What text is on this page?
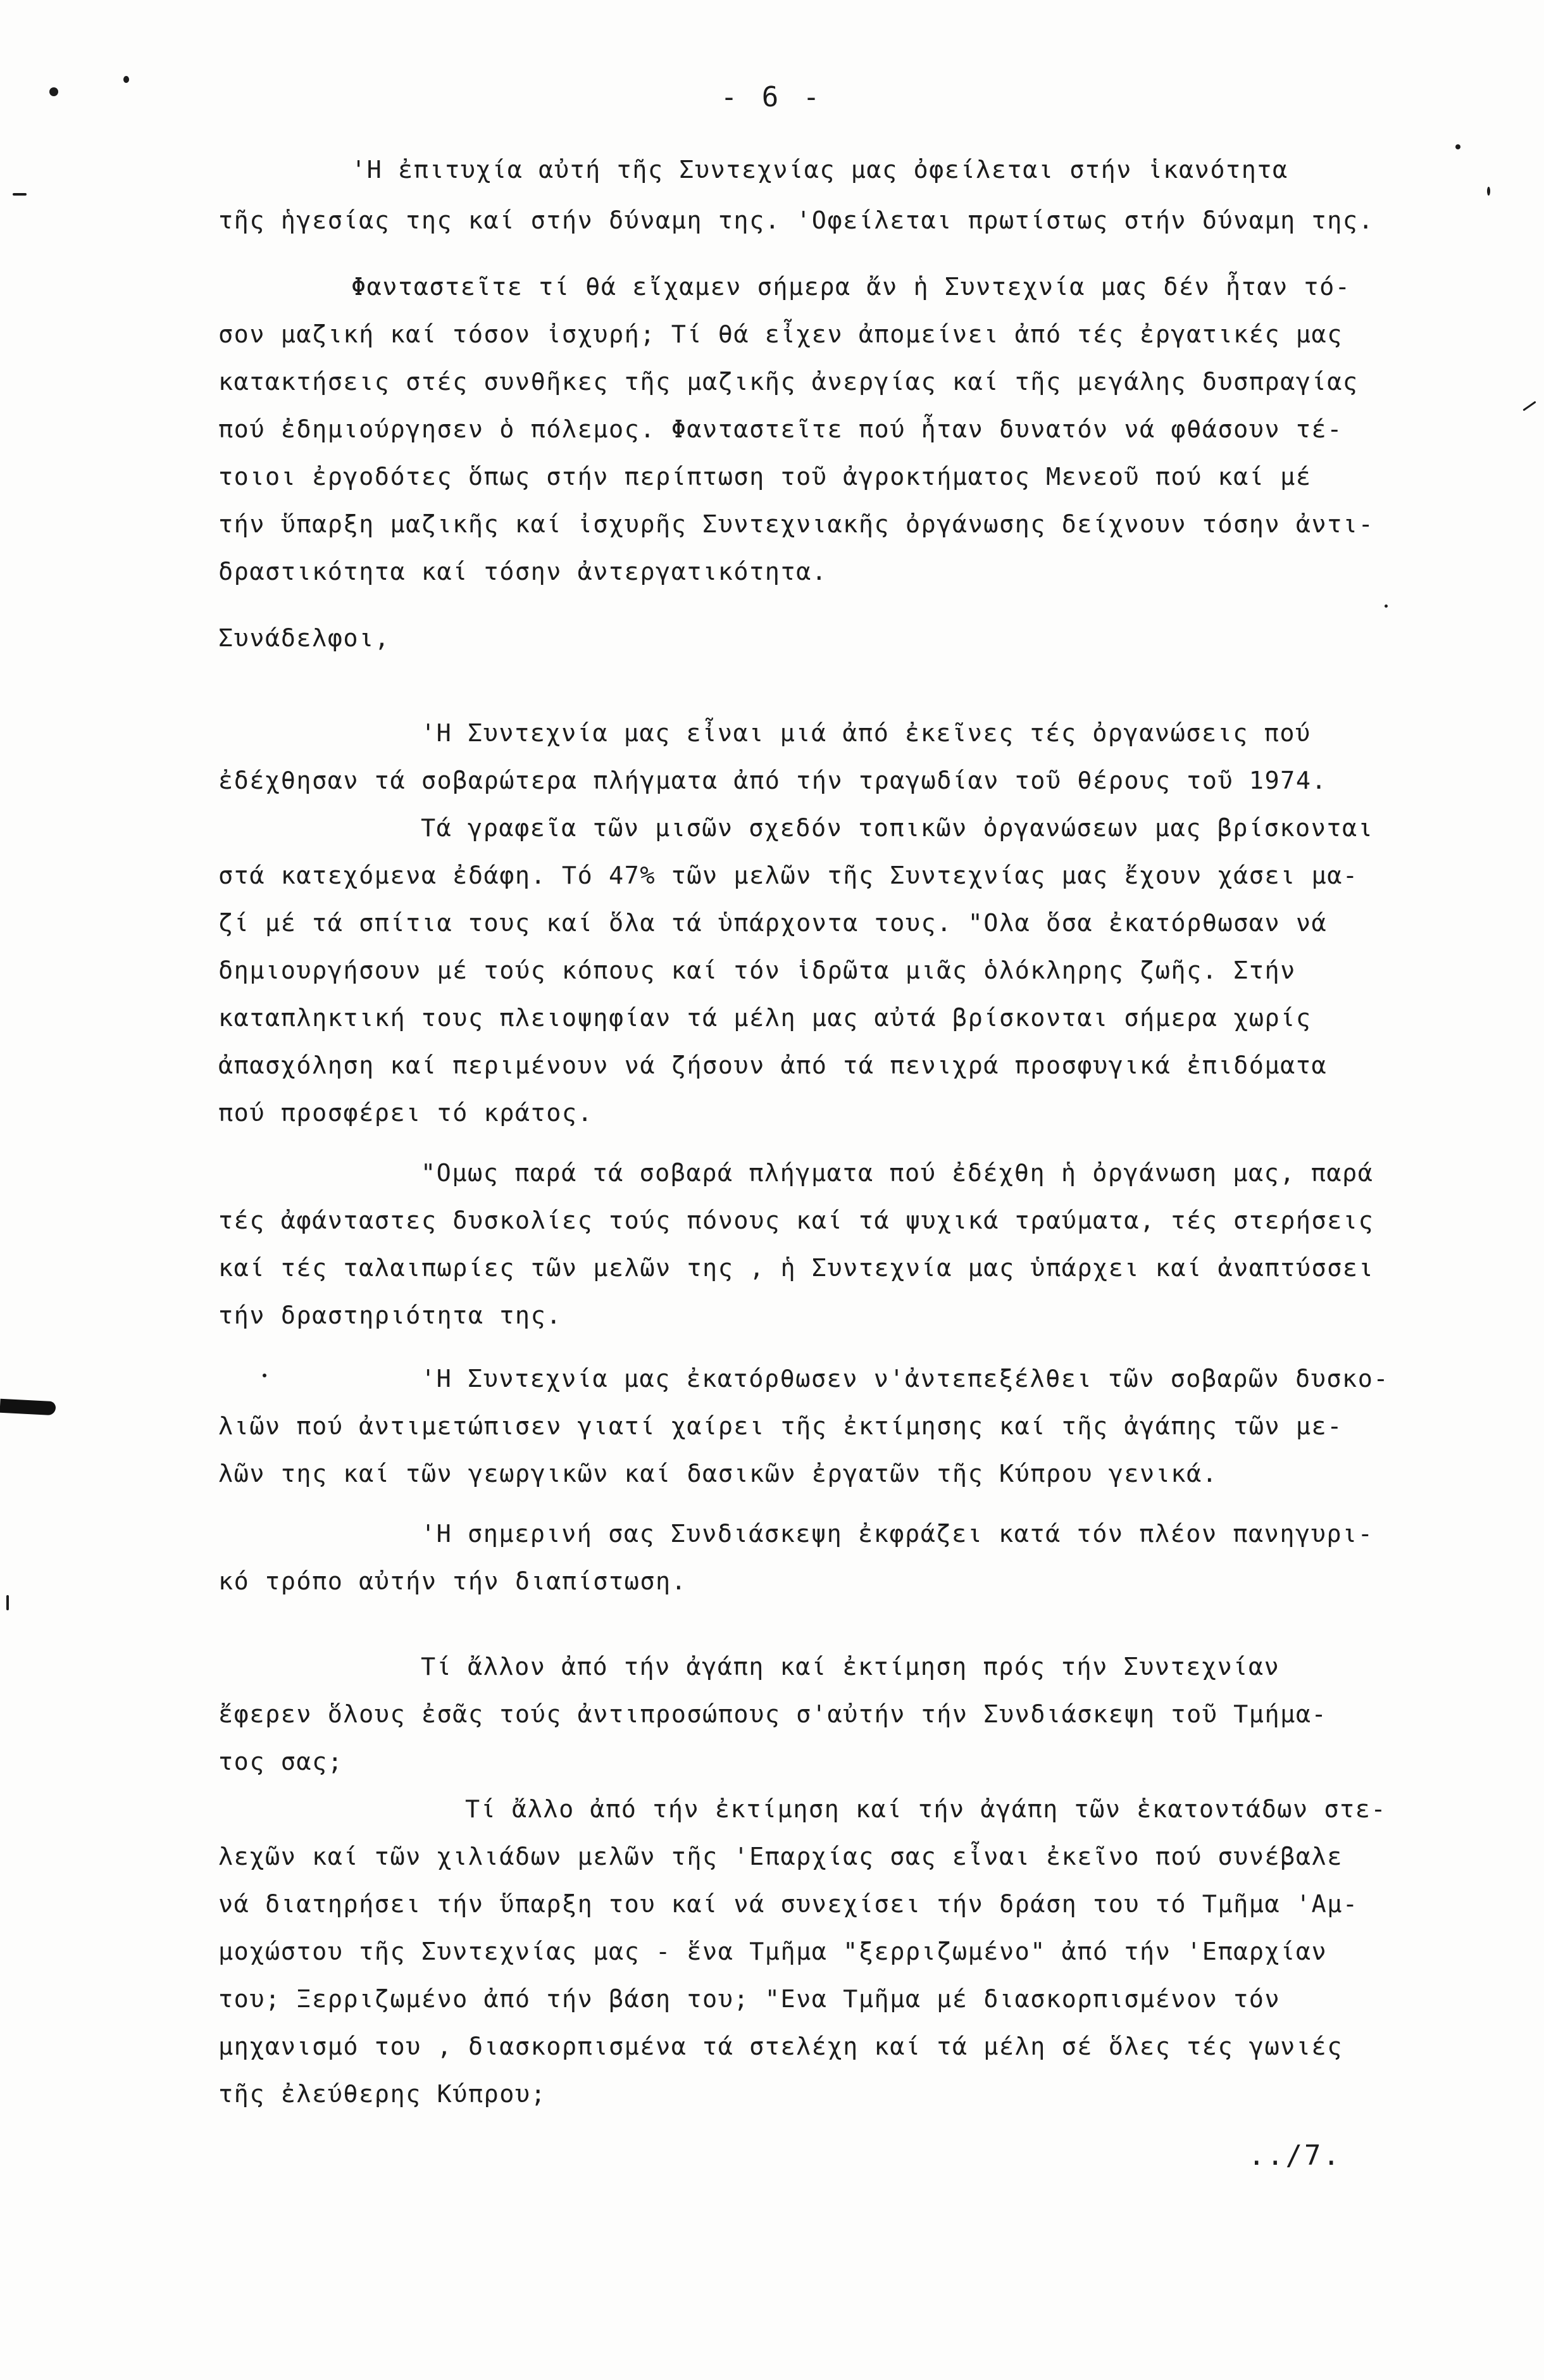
- 6 -
'Η ἐπιτυχία αὐτή τῆς Συντεχνίας μας ὀφείλεται στήν ἱκανότητα
τῆς ἡγεσίας της καί στήν δύναμη της. 'Οφείλεται πρωτίστως στήν δύναμη της.
Φανταστεῖτε τί θά εἴχαμεν σήμερα ἄν ἡ Συντεχνία μας δέν ἦταν τό-
σον μαζική καί τόσον ἰσχυρή; Τί θά εἶχεν ἀπομείνει ἀπό τές ἐργατικές μας
κατακτήσεις στές συνθῆκες τῆς μαζικῆς ἀνεργίας καί τῆς μεγάλης δυσπραγίας
πού ἐδημιούργησεν ὁ πόλεμος. Φανταστεῖτε πού ἦταν δυνατόν νά φθάσουν τέ-
τοιοι ἐργοδότες ὅπως στήν περίπτωση τοῦ ἀγροκτήματος Μενεοῦ πού καί μέ
τήν ὕπαρξη μαζικῆς καί ἰσχυρῆς Συντεχνιακῆς ὀργάνωσης δείχνουν τόσην ἀντι-
δραστικότητα καί τόσην ἀντεργατικότητα.
Συνάδελφοι,
'Η Συντεχνία μας εἶναι μιά ἀπό ἐκεῖνες τές ὀργανώσεις πού
ἐδέχθησαν τά σοβαρώτερα πλήγματα ἀπό τήν τραγωδίαν τοῦ θέρους τοῦ 1974.
Τά γραφεῖα τῶν μισῶν σχεδόν τοπικῶν ὀργανώσεων μας βρίσκονται
στά κατεχόμενα ἐδάφη. Τό 47% τῶν μελῶν τῆς Συντεχνίας μας ἔχουν χάσει μα-
ζί μέ τά σπίτια τους καί ὅλα τά ὑπάρχοντα τους. "Ολα ὅσα ἐκατόρθωσαν νά
δημιουργήσουν μέ τούς κόπους καί τόν ἱδρῶτα μιᾶς ὁλόκληρης ζωῆς. Στήν
καταπληκτική τους πλειοψηφίαν τά μέλη μας αὐτά βρίσκονται σήμερα χωρίς
ἀπασχόληση καί περιμένουν νά ζήσουν ἀπό τά πενιχρά προσφυγικά ἐπιδόματα
πού προσφέρει τό κράτος.
"Ομως παρά τά σοβαρά πλήγματα πού ἐδέχθη ἡ ὀργάνωση μας, παρά
τές ἀφάνταστες δυσκολίες τούς πόνους καί τά ψυχικά τραύματα, τές στερήσεις
καί τές ταλαιπωρίες τῶν μελῶν της , ἡ Συντεχνία μας ὑπάρχει καί ἀναπτύσσει
τήν δραστηριότητα της.
'Η Συντεχνία μας ἐκατόρθωσεν ν'ἀντεπεξέλθει τῶν σοβαρῶν δυσκο-
λιῶν πού ἀντιμετώπισεν γιατί χαίρει τῆς ἐκτίμησης καί τῆς ἀγάπης τῶν με-
λῶν της καί τῶν γεωργικῶν καί δασικῶν ἐργατῶν τῆς Κύπρου γενικά.
'Η σημερινή σας Συνδιάσκεψη ἐκφράζει κατά τόν πλέον πανηγυρι-
κό τρόπο αὐτήν τήν διαπίστωση.
Τί ἄλλον ἀπό τήν ἀγάπη καί ἐκτίμηση πρός τήν Συντεχνίαν
ἔφερεν ὅλους ἐσᾶς τούς ἀντιπροσώπους σ'αὐτήν τήν Συνδιάσκεψη τοῦ Τμήμα-
τος σας;
Τί ἄλλο ἀπό τήν ἐκτίμηση καί τήν ἀγάπη τῶν ἑκατοντάδων στε-
λεχῶν καί τῶν χιλιάδων μελῶν τῆς 'Επαρχίας σας εἶναι ἐκεῖνο πού συνέβαλε
νά διατηρήσει τήν ὕπαρξη του καί νά συνεχίσει τήν δράση του τό Τμῆμα 'Αμ-
μοχώστου τῆς Συντεχνίας μας - ἕνα Τμῆμα "ξερριζωμένο" ἀπό τήν 'Επαρχίαν
του; Ξερριζωμένο ἀπό τήν βάση του; "Ενα Τμῆμα μέ διασκορπισμένον τόν
μηχανισμό του , διασκορπισμένα τά στελέχη καί τά μέλη σέ ὅλες τές γωνιές
τῆς ἐλεύθερης Κύπρου;
../7.
